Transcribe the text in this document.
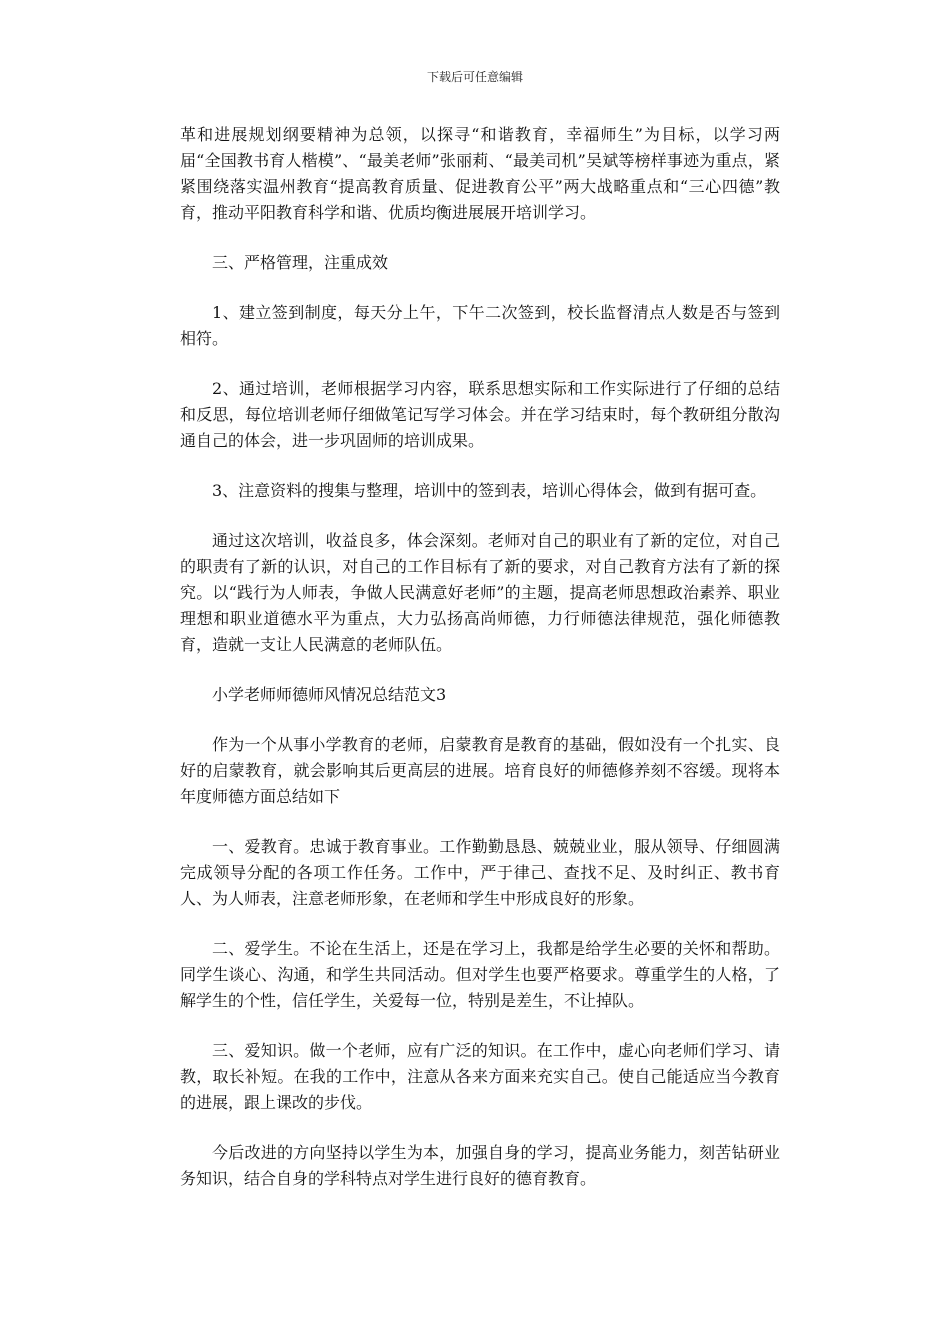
下载后可任意编辑

革和进展规划纲要精神为总领，以探寻“和谐教育，幸福师生”为目标，以学习两届“全国教书育人楷模”、“最美老师”张丽莉、“最美司机”吴斌等榜样事迹为重点，紧紧围绕落实温州教育“提高教育质量、促进教育公平”两大战略重点和“三心四德”教育，推动平阳教育科学和谐、优质均衡进展展开培训学习。

三、严格管理，注重成效

1、建立签到制度，每天分上午，下午二次签到，校长监督清点人数是否与签到相符。

2、通过培训，老师根据学习内容，联系思想实际和工作实际进行了仔细的总结和反思，每位培训老师仔细做笔记写学习体会。并在学习结束时，每个教研组分散沟通自己的体会，进一步巩固师的培训成果。

3、注意资料的搜集与整理，培训中的签到表，培训心得体会，做到有据可查。

通过这次培训，收益良多，体会深刻。老师对自己的职业有了新的定位，对自己的职责有了新的认识，对自己的工作目标有了新的要求，对自己教育方法有了新的探究。以“践行为人师表，争做人民满意好老师”的主题，提高老师思想政治素养、职业理想和职业道德水平为重点，大力弘扬高尚师德，力行师德法律规范，强化师德教育，造就一支让人民满意的老师队伍。

小学老师师德师风情况总结范文3

作为一个从事小学教育的老师，启蒙教育是教育的基础，假如没有一个扎实、良好的启蒙教育，就会影响其后更高层的进展。培育良好的师德修养刻不容缓。现将本年度师德方面总结如下

一、爱教育。忠诚于教育事业。工作勤勤恳恳、兢兢业业，服从领导、仔细圆满完成领导分配的各项工作任务。工作中，严于律己、查找不足、及时纠正、教书育人、为人师表，注意老师形象，在老师和学生中形成良好的形象。

二、爱学生。不论在生活上，还是在学习上，我都是给学生必要的关怀和帮助。同学生谈心、沟通，和学生共同活动。但对学生也要严格要求。尊重学生的人格，了解学生的个性，信任学生，关爱每一位，特别是差生，不让掉队。

三、爱知识。做一个老师，应有广泛的知识。在工作中，虚心向老师们学习、请教，取长补短。在我的工作中，注意从各来方面来充实自己。使自己能适应当今教育的进展，跟上课改的步伐。

今后改进的方向坚持以学生为本，加强自身的学习，提高业务能力，刻苦钻研业务知识，结合自身的学科特点对学生进行良好的德育教育。
